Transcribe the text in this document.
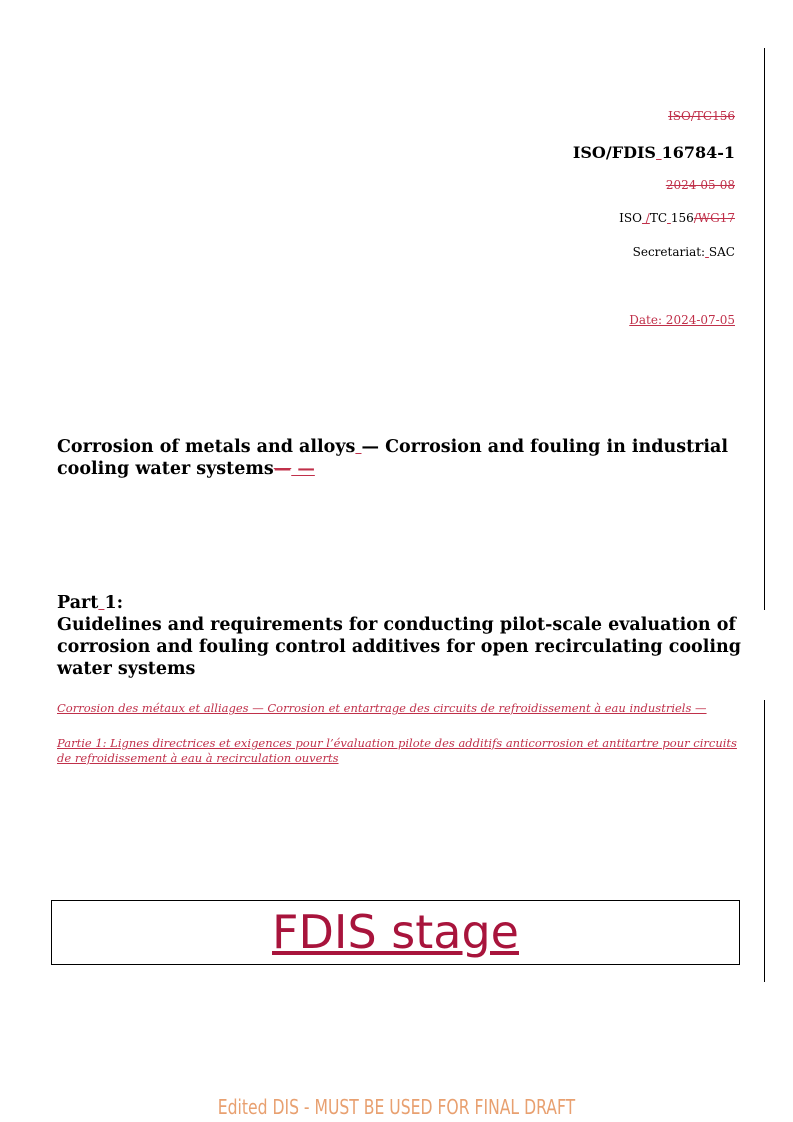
ISO/TC156
ISO/FDIS 16784-1
2024-05-08
ISO /TC 156/WG17
Secretariat: SAC
Date: 2024-07-05
Corrosion of metals and alloys — Corrosion and fouling in industrial cooling water systems— —
Part 1:
Guidelines and requirements for conducting pilot-scale evaluation of corrosion and fouling control additives for open recirculating cooling water systems
Corrosion des métaux et alliages — Corrosion et entartrage des circuits de refroidissement à eau industriels —
Partie 1: Lignes directrices et exigences pour l’évaluation pilote des additifs anticorrosion et antitartre pour circuits de refroidissement à eau à recirculation ouverts
FDIS stage
Edited DIS - MUST BE USED FOR FINAL DRAFT
